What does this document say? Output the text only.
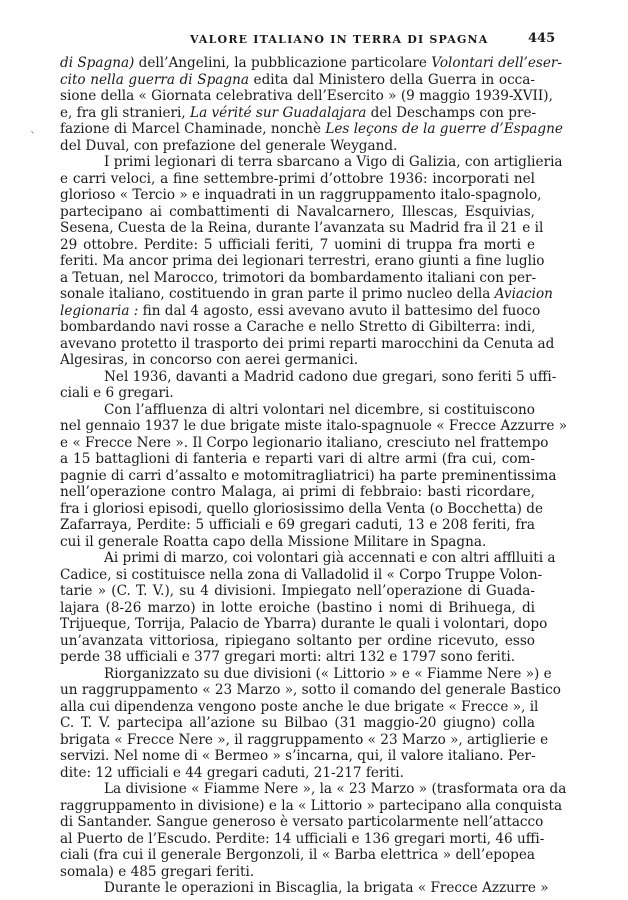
VALORE ITALIANO IN TERRA DI SPAGNA	445
`
di Spagna) dell’Angelini, la pubblicazione particolare Volontari dell’eser-
cito nella guerra di Spagna edita dal Ministero della Guerra in occa-
sione della « Giornata celebrativa dell’Esercito » (9 maggio 1939-XVII),
e, fra gli stranieri, La vérité sur Guadalajara del Deschamps con pre-
fazione di Marcel Chaminade, nonchè Les leçons de la guerre d’Espagne
del Duval, con prefazione del generale Weygand.
I primi legionari di terra sbarcano a Vigo di Galizia, con artiglieria
e carri veloci, a fine settembre-primi d’ottobre 1936: incorporati nel
glorioso « Tercio » e inquadrati in un raggruppamento italo-spagnolo,
partecipano ai combattimenti di Navalcarnero, Illescas, Esquivias,
Sesena, Cuesta de la Reina, durante l’avanzata su Madrid fra il 21 e il
29 ottobre. Perdite: 5 ufficiali feriti, 7 uomini di truppa fra morti e
feriti. Ma ancor prima dei legionari terrestri, erano giunti a fine luglio
a Tetuan, nel Marocco, trimotori da bombardamento italiani con per-
sonale italiano, costituendo in gran parte il primo nucleo della Aviacion
legionaria : fin dal 4 agosto, essi avevano avuto il battesimo del fuoco
bombardando navi rosse a Carache e nello Stretto di Gibilterra: indi,
avevano protetto il trasporto dei primi reparti marocchini da Cenuta ad
Algesiras, in concorso con aerei germanici.
Nel 1936, davanti a Madrid cadono due gregari, sono feriti 5 uffi-
ciali e 6 gregari.
Con l’affluenza di altri volontari nel dicembre, si costituiscono
nel gennaio 1937 le due brigate miste italo-spagnuole « Frecce Azzurre »
e « Frecce Nere ». Il Corpo legionario italiano, cresciuto nel frattempo
a 15 battaglioni di fanteria e reparti vari di altre armi (fra cui, com-
pagnie di carri d’assalto e motomitragliatrici) ha parte preminentissima
nell’operazione contro Malaga, ai primi di febbraio: basti ricordare,
fra i gloriosi episodi, quello gloriosissimo della Venta (o Bocchetta) de
Zafarraya, Perdite: 5 ufficiali e 69 gregari caduti, 13 e 208 feriti, fra
cui il generale Roatta capo della Missione Militare in Spagna.
Ai primi di marzo, coi volontari già accennati e con altri afflluiti a
Cadice, si costituisce nella zona di Valladolid il « Corpo Truppe Volon-
tarie » (C. T. V.), su 4 divisioni. Impiegato nell’operazione di Guada-
lajara (8-26 marzo) in lotte eroiche (bastino i nomi di Brihuega, di
Trijueque, Torrija, Palacio de Ybarra) durante le quali i volontari, dopo
un’avanzata vittoriosa, ripiegano soltanto per ordine ricevuto, esso
perde 38 ufficiali e 377 gregari morti: altri 132 e 1797 sono feriti.
Riorganizzato su due divisioni (« Littorio » e « Fiamme Nere ») e
un raggruppamento « 23 Marzo », sotto il comando del generale Bastico
alla cui dipendenza vengono poste anche le due brigate « Frecce », il
C. T. V. partecipa all’azione su Bilbao (31 maggio-20 giugno) colla
brigata « Frecce Nere », il raggruppamento « 23 Marzo », artiglierie e
servizi. Nel nome di « Bermeo » s’incarna, qui, il valore italiano. Per-
dite: 12 ufficiali e 44 gregari caduti, 21-217 feriti.
La divisione « Fiamme Nere », la « 23 Marzo » (trasformata ora da
raggruppamento in divisione) e la « Littorio » partecipano alla conquista
di Santander. Sangue generoso è versato particolarmente nell’attacco
al Puerto de l’Escudo. Perdite: 14 ufficiali e 136 gregari morti, 46 uffi-
ciali (fra cui il generale Bergonzoli, il « Barba elettrica » dell’epopea
somala) e 485 gregari feriti.
Durante le operazioni in Biscaglia, la brigata « Frecce Azzurre »
